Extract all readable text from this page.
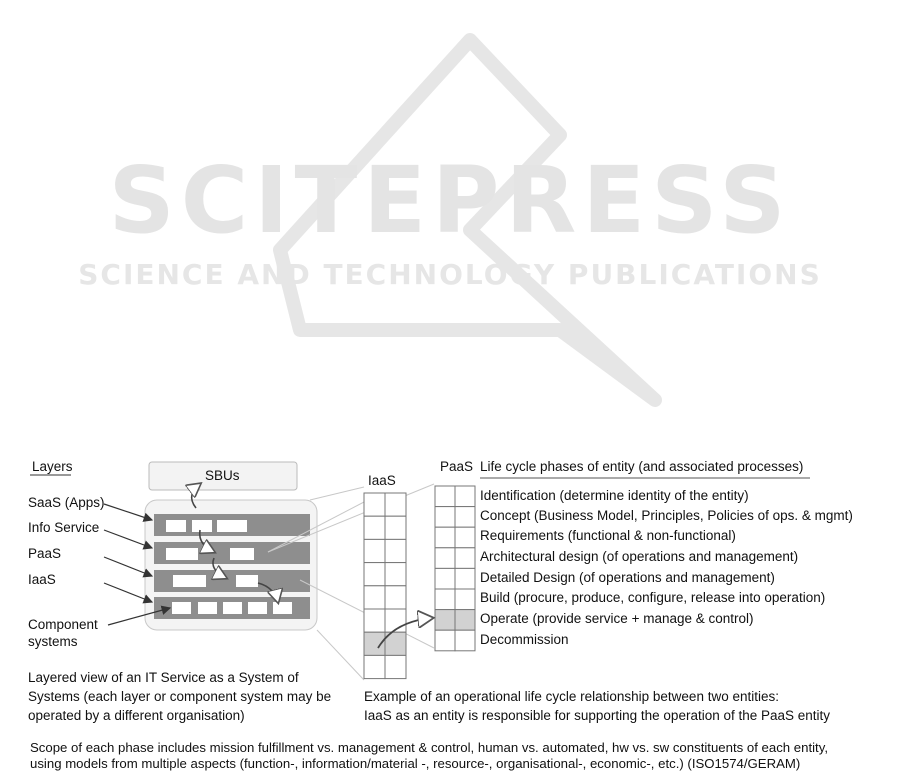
SCITEPRESS
SCIENCE AND TECHNOLOGY PUBLICATIONS
Layers
SBUs
SaaS (Apps)
Info Service
PaaS
IaaS
Component
systems
Layered view of an IT Service as a System of
Systems (each layer or component system may be
operated by a different organisation)
IaaS
PaaS Life cycle phases of entity (and associated processes)
Identification (determine identity of the entity)
Concept (Business Model, Principles, Policies of ops. & mgmt)
Requirements (functional & non-functional)
Architectural design (of operations and management)
Detailed Design (of operations and management)
Build (procure, produce, configure, release into operation)
Operate (provide service + manage & control)
Decommission
Example of an operational life cycle relationship between two entities:
IaaS as an entity is responsible for supporting the operation of the PaaS entity
Scope of each phase includes mission fulfillment vs. management & control, human vs. automated, hw vs. sw constituents of each entity,
using models from multiple aspects (function-, information/material -, resource-, organisational-, economic-, etc.) (ISO1574/GERAM)
